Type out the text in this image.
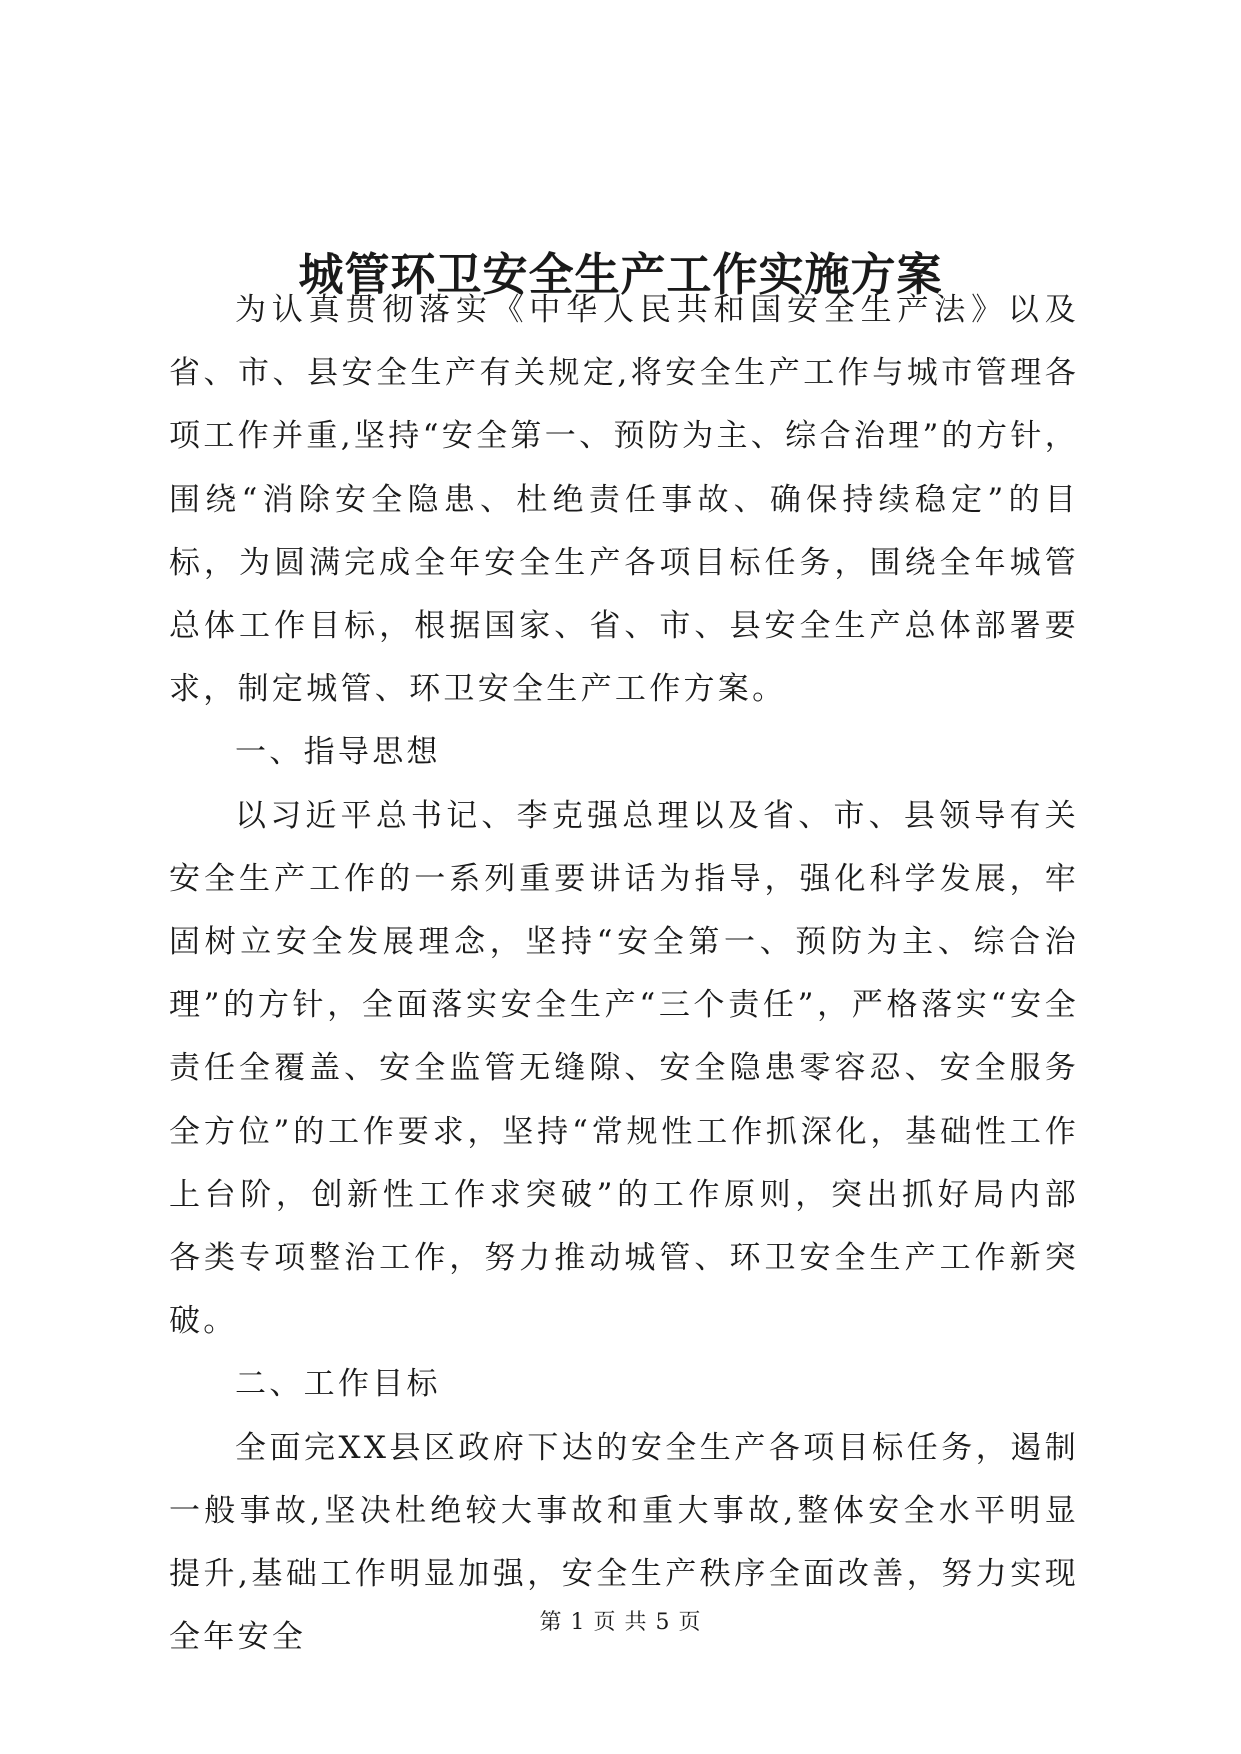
城管环卫安全生产工作实施方案

为认真贯彻落实《中华人民共和国安全生产法》以及省、市、县安全生产有关规定,将安全生产工作与城市管理各项工作并重,坚持“安全第一、预防为主、综合治理”的方针，围绕“消除安全隐患、杜绝责任事故、确保持续稳定”的目标，为圆满完成全年安全生产各项目标任务，围绕全年城管总体工作目标，根据国家、省、市、县安全生产总体部署要求，制定城管、环卫安全生产工作方案。

一、指导思想

以习近平总书记、李克强总理以及省、市、县领导有关安全生产工作的一系列重要讲话为指导，强化科学发展，牢固树立安全发展理念，坚持“安全第一、预防为主、综合治理”的方针，全面落实安全生产“三个责任”，严格落实“安全责任全覆盖、安全监管无缝隙、安全隐患零容忍、安全服务全方位”的工作要求，坚持“常规性工作抓深化，基础性工作上台阶，创新性工作求突破”的工作原则，突出抓好局内部各类专项整治工作，努力推动城管、环卫安全生产工作新突破。

二、工作目标

全面完XX县区政府下达的安全生产各项目标任务，遏制一般事故,坚决杜绝较大事故和重大事故,整体安全水平明显提升,基础工作明显加强，安全生产秩序全面改善，努力实现全年安全	第 1 页 共 5 页
